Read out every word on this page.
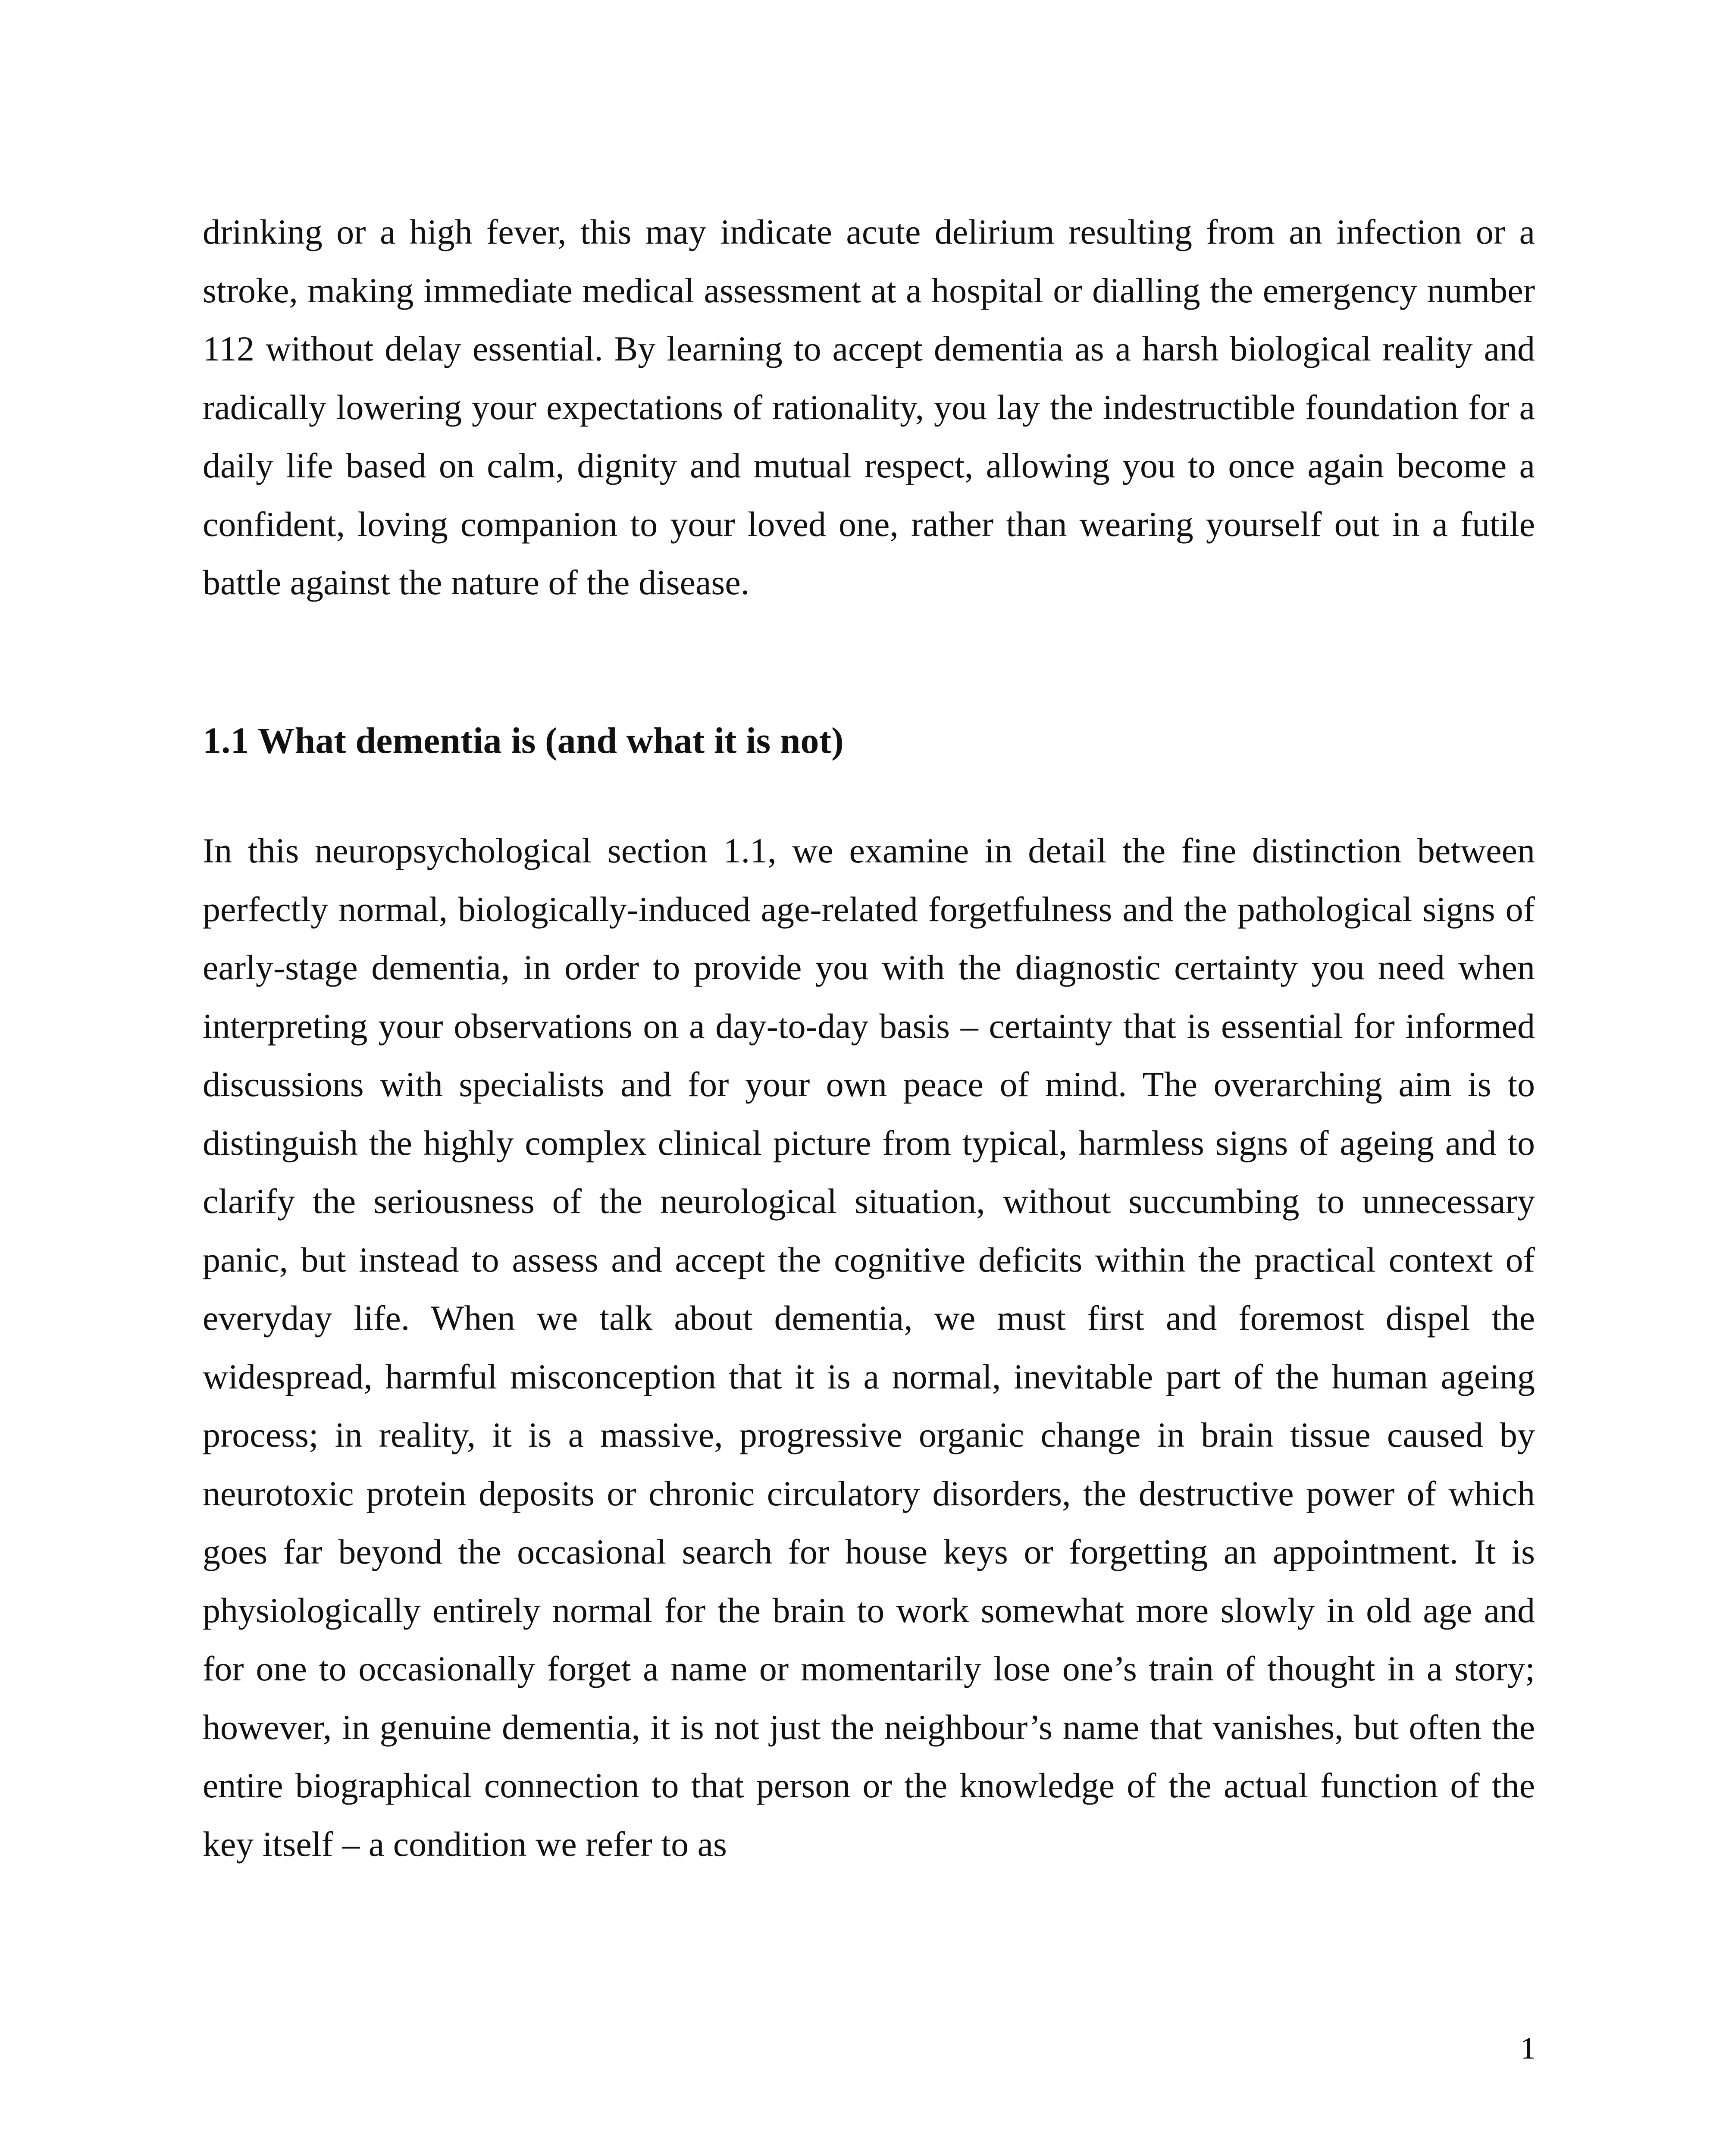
drinking or a high fever, this may indicate acute delirium resulting from an infection or a stroke, making immediate medical assessment at a hospital or dialling the emergency number 112 without delay essential. By learning to accept dementia as a harsh biological reality and radically lowering your expectations of rationality, you lay the indestructible foundation for a daily life based on calm, dignity and mutual respect, allowing you to once again become a confident, loving companion to your loved one, rather than wearing yourself out in a futile battle against the nature of the disease.

1.1 What dementia is (and what it is not)

In this neuropsychological section 1.1, we examine in detail the fine distinction between perfectly normal, biologically-induced age-related forgetfulness and the pathological signs of early-stage dementia, in order to provide you with the diagnostic certainty you need when interpreting your observations on a day-to-day basis – certainty that is essential for informed discussions with specialists and for your own peace of mind. The overarching aim is to distinguish the highly complex clinical picture from typical, harmless signs of ageing and to clarify the seriousness of the neurological situation, without succumbing to unnecessary panic, but instead to assess and accept the cognitive deficits within the practical context of everyday life. When we talk about dementia, we must first and foremost dispel the widespread, harmful misconception that it is a normal, inevitable part of the human ageing process; in reality, it is a massive, progressive organic change in brain tissue caused by neurotoxic protein deposits or chronic circulatory disorders, the destructive power of which goes far beyond the occasional search for house keys or forgetting an appointment. It is physiologically entirely normal for the brain to work somewhat more slowly in old age and for one to occasionally forget a name or momentarily lose one’s train of thought in a story; however, in genuine dementia, it is not just the neighbour’s name that vanishes, but often the entire biographical connection to that person or the knowledge of the actual function of the key itself – a condition we refer to as

1
